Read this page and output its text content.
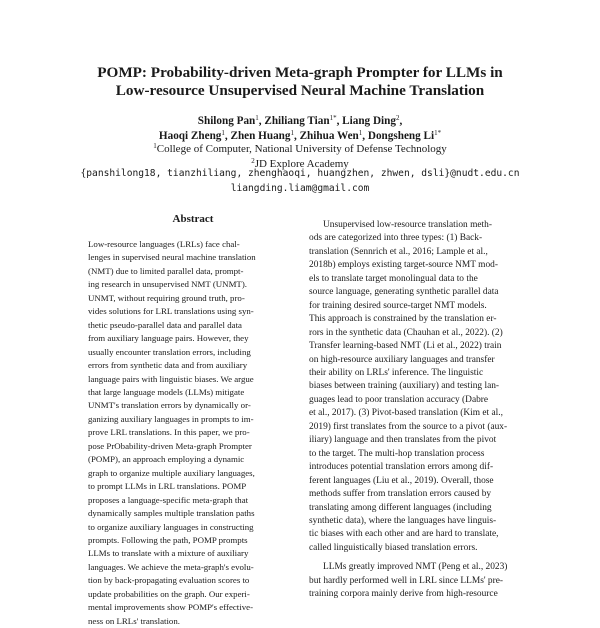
POMP: Probability-driven Meta-graph Prompter for LLMs in
Low-resource Unsupervised Neural Machine Translation
Shilong Pan$^1$, Zhiliang Tian$^{1*}$, Liang Ding$^2$,
Haoqi Zheng$^1$, Zhen Huang$^1$, Zhihua Wen$^1$, Dongsheng $Li^{1*}$
$^1$College of Computer, National University of Defense Technology
$^2$JD Explore Academy
{panshilong18, tianzhiliang, zhenghaoqi, huangzhen, zhwen, dsli}@nudt.edu.cn
liangding.liam@gmail.com
Abstract
Low-resource languages (LRLs) face chal-
lenges in supervised neural machine translation
(NMT) due to limited parallel data, prompt-
ing research in unsupervised NMT (UNMT).
UNMT, without requiring ground truth, pro-
vides solutions for LRL translations using syn-
thetic pseudo-parallel data and parallel data
from auxiliary language pairs. However, they
usually encounter translation errors, including
errors from synthetic data and from auxiliary
language pairs with linguistic biases. We argue
that large language models (LLMs) mitigate
UNMT's translation errors by dynamically or-
ganizing auxiliary languages in prompts to im-
prove LRL translations. In this paper, we pro-
pose PrObability-driven Meta-graph Prompter
(POMP), an approach employing a dynamic
graph to organize multiple auxiliary languages,
to prompt LLMs in LRL translations. POMP
proposes a language-specific meta-graph that
dynamically samples multiple translation paths
to organize auxiliary languages in constructing
prompts. Following the path, POMP prompts
LLMs to translate with a mixture of auxiliary
languages. We achieve the meta-graph's evolu-
tion by back-propagating evaluation scores to
update probabilities on the graph. Our experi-
mental improvements show POMP's effective-
ness on LRLs' translation.
Unsupervised low-resource translation meth-
ods are categorized into three types: (1) Back-
translation (Sennrich et al., 2016; Lample et al.,
2018b) employs existing target-source NMT mod-
els to translate target monolingual data to the
source language, generating synthetic parallel data
for training desired source-target NMT models.
This approach is constrained by the translation er-
rors in the synthetic data (Chauhan et al., 2022). (2)
Transfer learning-based NMT (Li et al., 2022) train
on high-resource auxiliary languages and transfer
their ability on LRLs' inference. The linguistic
biases between training (auxiliary) and testing lan-
guages lead to poor translation accuracy (Dabre
et al., 2017). (3) Pivot-based translation (Kim et al.,
2019) first translates from the source to a pivot (aux-
iliary) language and then translates from the pivot
to the target. The multi-hop translation process
introduces potential translation errors among dif-
ferent languages (Liu et al., 2019). Overall, those
methods suffer from translation errors caused by
translating among different languages (including
synthetic data), where the languages have linguis-
tic biases with each other and are hard to translate,
called linguistically biased translation errors.
LLMs greatly improved NMT (Peng et al., 2023)
but hardly performed well in LRL since LLMs' pre-
training corpora mainly derive from high-resource
